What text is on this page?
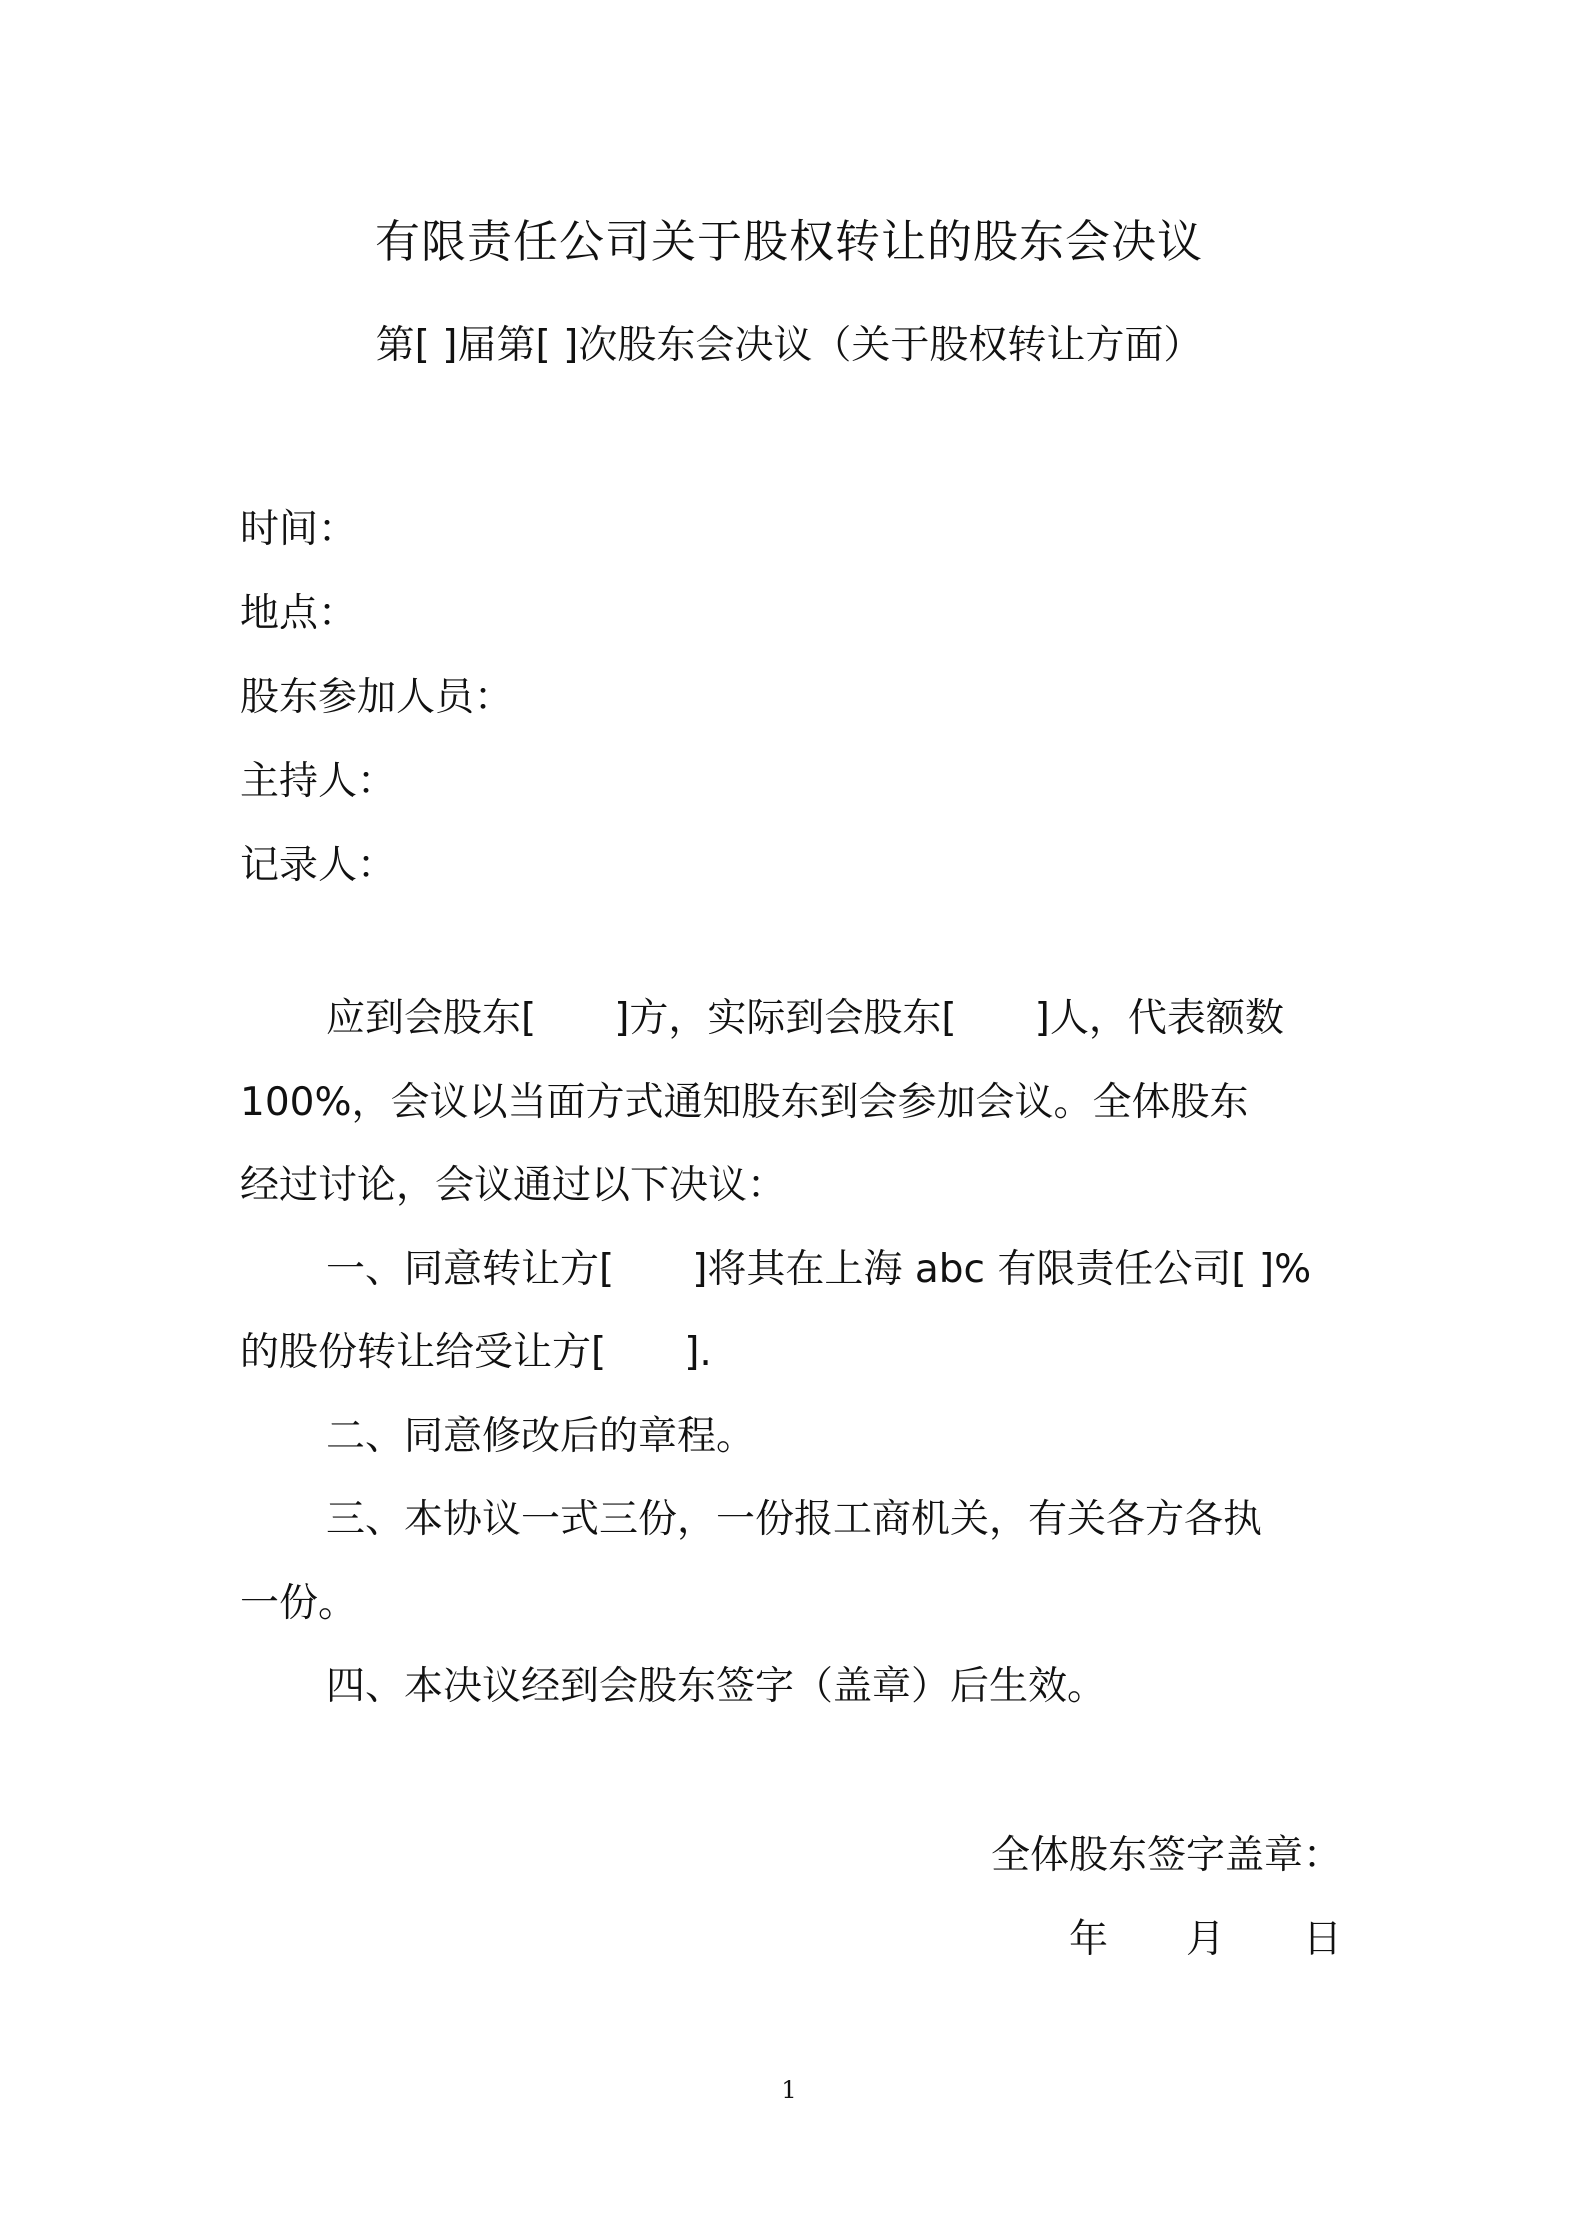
有限责任公司关于股权转让的股东会决议
第[ ]届第[ ]次股东会决议（关于股权转让方面）
时间：
地点：
股东参加人员：
主持人：
记录人：
应到会股东[　　]方，实际到会股东[　　]人，代表额数
100%，会议以当面方式通知股东到会参加会议。全体股东
经过讨论，会议通过以下决议：
一、同意转让方[　　]将其在上海 abc 有限责任公司[ ]%
的股份转让给受让方[　　].
二、同意修改后的章程。
三、本协议一式三份，一份报工商机关，有关各方各执
一份。
四、本决议经到会股东签字（盖章）后生效。
全体股东签字盖章：
年　　月　　日
1
